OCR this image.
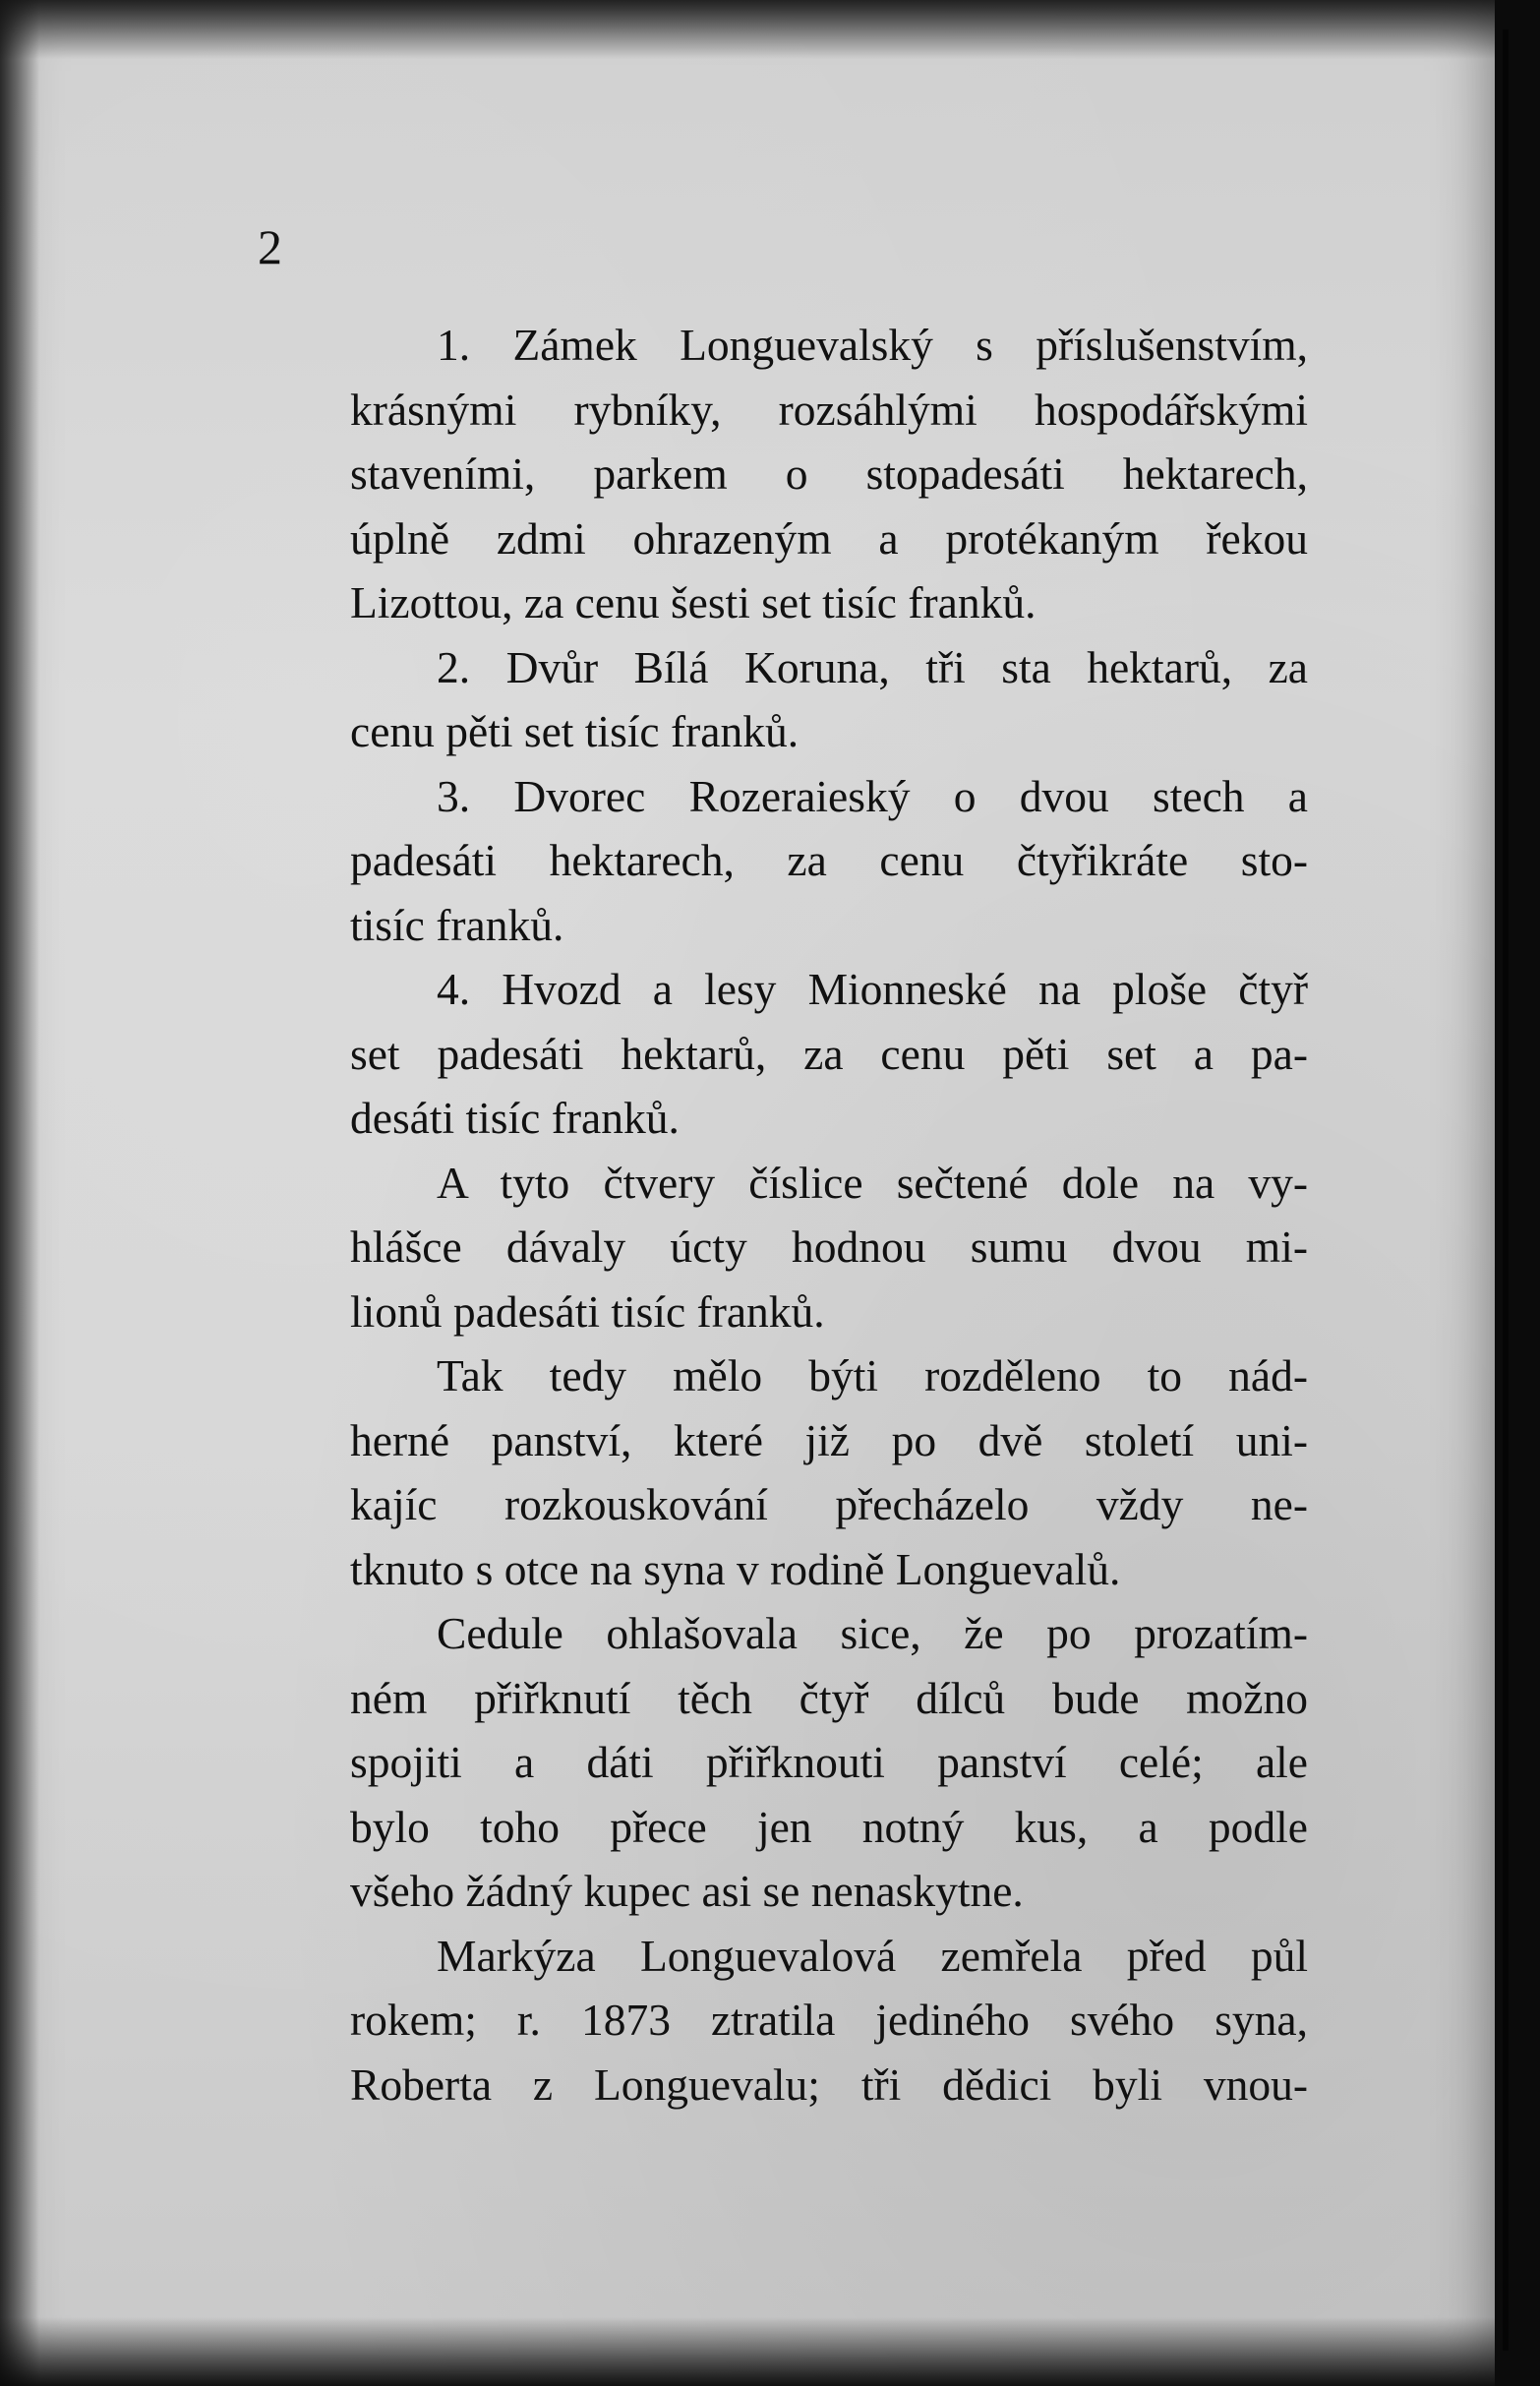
2
1. Zámek Longuevalský s příslušenstvím,
krásnými rybníky, rozsáhlými hospodářskými
staveními, parkem o stopadesáti hektarech,
úplně zdmi ohrazeným a protékaným řekou
Lizottou, za cenu šesti set tisíc franků.
2. Dvůr Bílá Koruna, tři sta hektarů, za
cenu pěti set tisíc franků.
3. Dvorec Rozeraieský o dvou stech a
padesáti hektarech, za cenu čtyřikráte sto-
tisíc franků.
4. Hvozd a lesy Mionneské na ploše čtyř
set padesáti hektarů, za cenu pěti set a pa-
desáti tisíc franků.
A tyto čtvery číslice sečtené dole na vy-
hlášce dávaly úcty hodnou sumu dvou mi-
lionů padesáti tisíc franků.
Tak tedy mělo býti rozděleno to nád-
herné panství, které již po dvě století uni-
kajíc rozkouskování přecházelo vždy ne-
tknuto s otce na syna v rodině Longuevalů.
Cedule ohlašovala sice, že po prozatím-
ném přiřknutí těch čtyř dílců bude možno
spojiti a dáti přiřknouti panství celé; ale
bylo toho přece jen notný kus, a podle
všeho žádný kupec asi se nenaskytne.
Markýza Longuevalová zemřela před půl
rokem; r. 1873 ztratila jediného svého syna,
Roberta z Longuevalu; tři dědici byli vnou-
